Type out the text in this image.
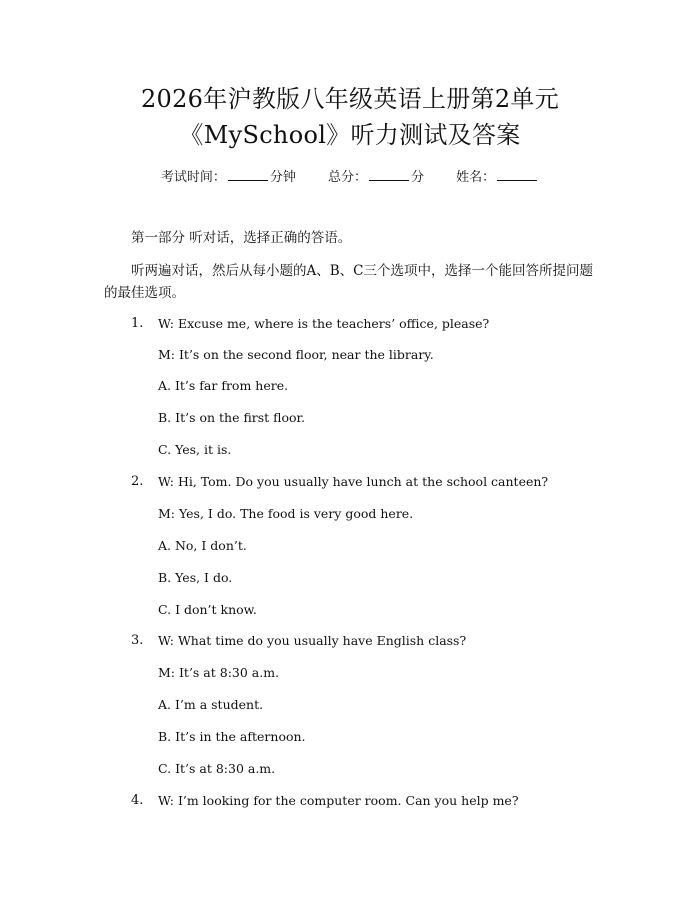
2026年沪教版八年级英语上册第2单元
《MySchool》听力测试及答案
考试时间：	分钟 总分：	分 姓名：
第一部分 听对话，选择正确的答语。
听两遍对话，然后从每小题的A、B、C三个选项中，选择一个能回答所提问题
的最佳选项。
1. W: Excuse me, where is the teachers’ office, please?
M: It’s on the second floor, near the library.
A. It’s far from here.
B. It’s on the first floor.
C. Yes, it is.
2. W: Hi, Tom. Do you usually have lunch at the school canteen?
M: Yes, I do. The food is very good here.
A. No, I don’t.
B. Yes, I do.
C. I don’t know.
3. W: What time do you usually have English class?
M: It’s at 8:30 a.m.
A. I’m a student.
B. It’s in the afternoon.
C. It’s at 8:30 a.m.
4. W: I’m looking for the computer room. Can you help me?
